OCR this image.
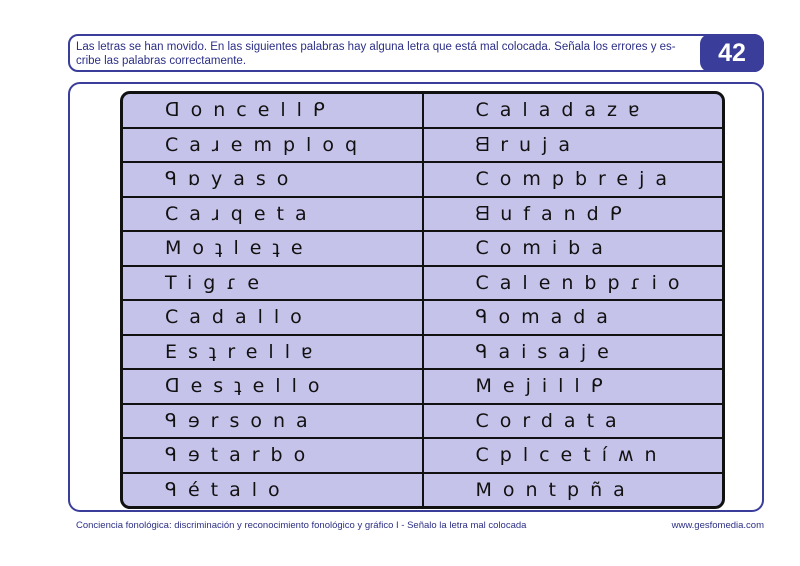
Las letras se han movido. En las siguientes palabras hay alguna letra que está mal colocada. Señala los errores y es-cribe las palabras correctamente.	42
ᗡoncellᑭ
Caɹemploq
ᑫɒyaso
Caɹqeta
Moʇleʇe
Tigɾe
Cadallo
Esʇrellɐ
ᗡesʇello
ᑫɘrsona
ᑫɘtarbo
ᑫétalo
Caladazɐ
ᗺruja
Compbreja
ᗺufandᑭ
Comiba
Calenbpɾio
ᑫomada
ᑫaisaje
Mejillᑭ
Cordata
Cplcetíʍn
Montpña
Conciencia fonológica: discriminación y reconocimiento fonológico y gráfico I - Señalo la letra mal colocada	www.gesfomedia.com
